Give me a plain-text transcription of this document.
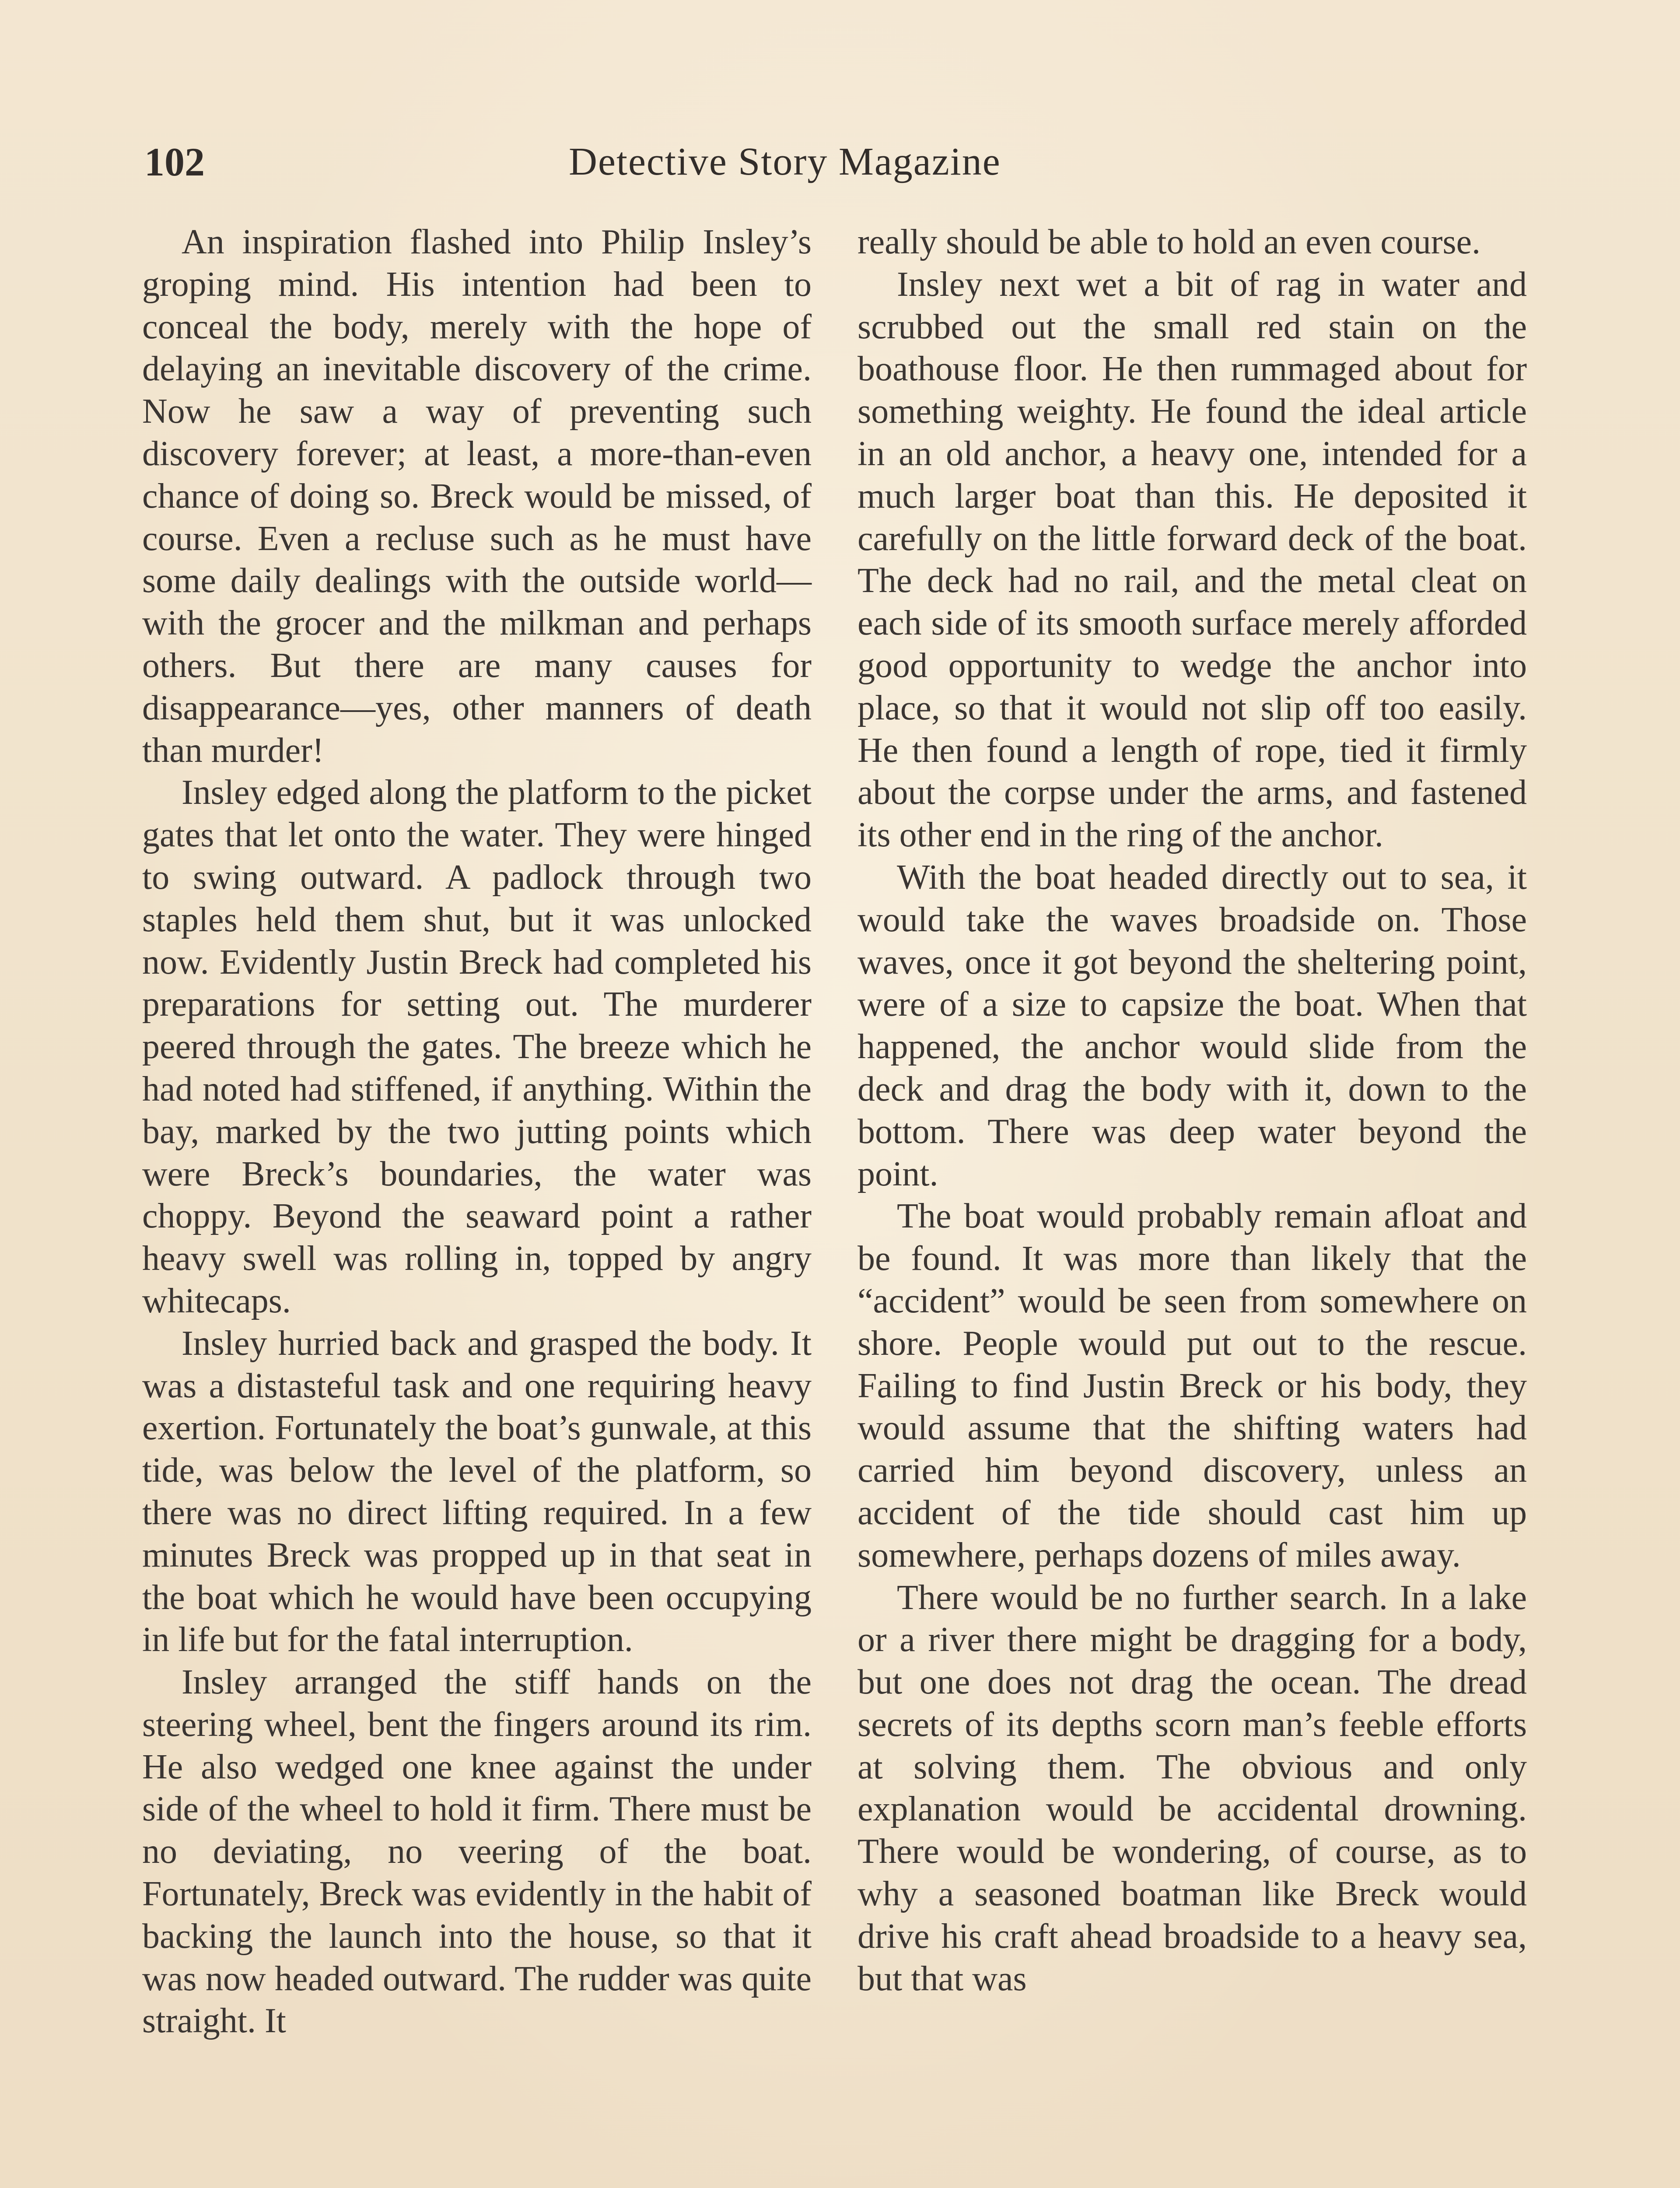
102	Detective Story Magazine

An inspiration flashed into Philip Insley’s groping mind. His intention had been to conceal the body, merely with the hope of delaying an inevitable discovery of the crime. Now he saw a way of preventing such discovery forever; at least, a more-than-even chance of doing so. Breck would be missed, of course. Even a recluse such as he must have some daily dealings with the outside world—with the grocer and the milkman and perhaps others. But there are many causes for disappearance—yes, other manners of death than murder!

Insley edged along the platform to the picket gates that let onto the water. They were hinged to swing outward. A padlock through two staples held them shut, but it was unlocked now. Evidently Justin Breck had completed his preparations for setting out. The murderer peered through the gates. The breeze which he had noted had stiffened, if anything. Within the bay, marked by the two jutting points which were Breck’s boundaries, the water was choppy. Beyond the seaward point a rather heavy swell was rolling in, topped by angry whitecaps.

Insley hurried back and grasped the body. It was a distasteful task and one requiring heavy exertion. Fortunately the boat’s gunwale, at this tide, was below the level of the platform, so there was no direct lifting required. In a few minutes Breck was propped up in that seat in the boat which he would have been occupying in life but for the fatal interruption.

Insley arranged the stiff hands on the steering wheel, bent the fingers around its rim. He also wedged one knee against the under side of the wheel to hold it firm. There must be no deviating, no veering of the boat. Fortunately, Breck was evidently in the habit of backing the launch into the house, so that it was now headed outward. The rudder was quite straight. It

really should be able to hold an even course.

Insley next wet a bit of rag in water and scrubbed out the small red stain on the boathouse floor. He then rummaged about for something weighty. He found the ideal article in an old anchor, a heavy one, intended for a much larger boat than this. He deposited it carefully on the little forward deck of the boat. The deck had no rail, and the metal cleat on each side of its smooth surface merely afforded good opportunity to wedge the anchor into place, so that it would not slip off too easily. He then found a length of rope, tied it firmly about the corpse under the arms, and fastened its other end in the ring of the anchor.

With the boat headed directly out to sea, it would take the waves broadside on. Those waves, once it got beyond the sheltering point, were of a size to capsize the boat. When that happened, the anchor would slide from the deck and drag the body with it, down to the bottom. There was deep water beyond the point.

The boat would probably remain afloat and be found. It was more than likely that the “accident” would be seen from somewhere on shore. People would put out to the rescue. Failing to find Justin Breck or his body, they would assume that the shifting waters had carried him beyond discovery, unless an accident of the tide should cast him up somewhere, perhaps dozens of miles away.

There would be no further search. In a lake or a river there might be dragging for a body, but one does not drag the ocean. The dread secrets of its depths scorn man’s feeble efforts at solving them. The obvious and only explanation would be accidental drowning. There would be wondering, of course, as to why a seasoned boatman like Breck would drive his craft ahead broadside to a heavy sea, but that was
